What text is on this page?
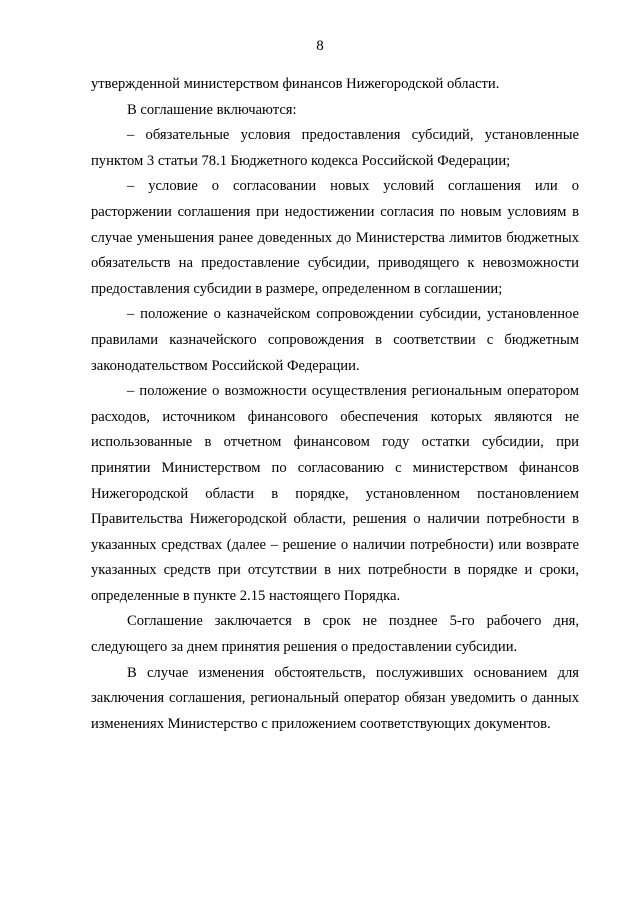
8

утвержденной министерством финансов Нижегородской области.

В соглашение включаются:

– обязательные условия предоставления субсидий, установленные пунктом 3 статьи 78.1 Бюджетного кодекса Российской Федерации;

– условие о согласовании новых условий соглашения или о расторжении соглашения при недостижении согласия по новым условиям в случае уменьшения ранее доведенных до Министерства лимитов бюджетных обязательств на предоставление субсидии, приводящего к невозможности предоставления субсидии в размере, определенном в соглашении;

– положение о казначейском сопровождении субсидии, установленное правилами казначейского сопровождения в соответствии с бюджетным законодательством Российской Федерации.

– положение о возможности осуществления региональным оператором расходов, источником финансового обеспечения которых являются не использованные в отчетном финансовом году остатки субсидии, при принятии Министерством по согласованию с министерством финансов Нижегородской области в порядке, установленном постановлением Правительства Нижегородской области, решения о наличии потребности в указанных средствах (далее – решение о наличии потребности) или возврате указанных средств при отсутствии в них потребности в порядке и сроки, определенные в пункте 2.15 настоящего Порядка.

Соглашение заключается в срок не позднее 5-го рабочего дня, следующего за днем принятия решения о предоставлении субсидии.

В случае изменения обстоятельств, послуживших основанием для заключения соглашения, региональный оператор обязан уведомить о данных изменениях Министерство с приложением соответствующих документов.
